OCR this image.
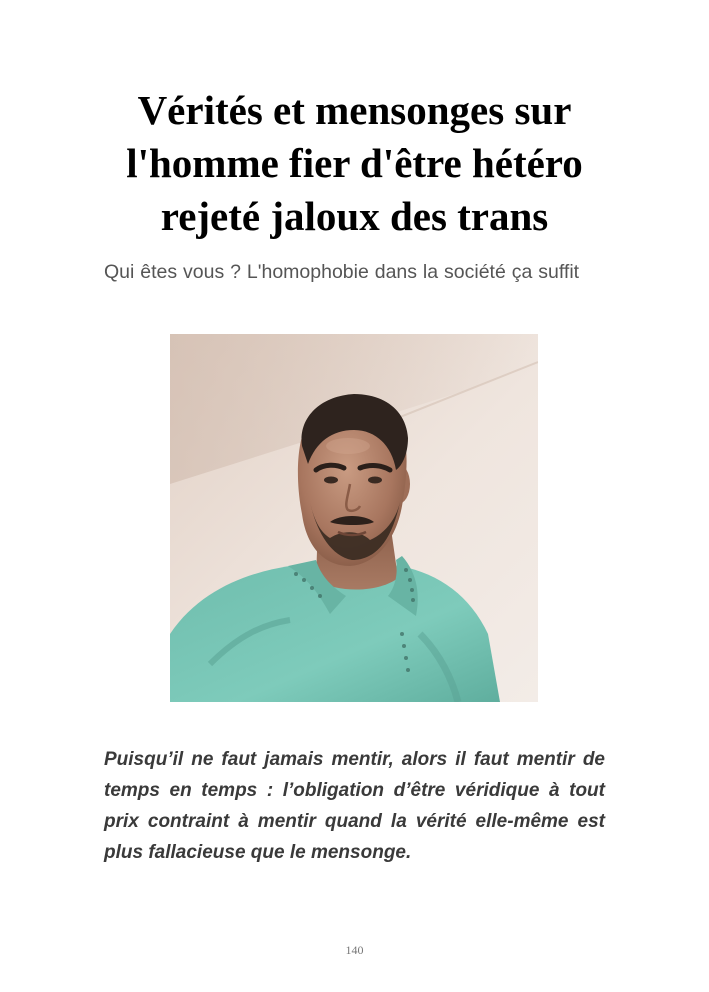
Vérités et mensonges sur l'homme fier d'être hétéro rejeté jaloux des trans

Qui êtes vous ? L'homophobie dans la société ça suffit

Puisqu’il ne faut jamais mentir, alors il faut mentir de temps en temps : l’obligation d’être véridique à tout prix contraint à mentir quand la vérité elle-même est plus fallacieuse que le mensonge.

140
